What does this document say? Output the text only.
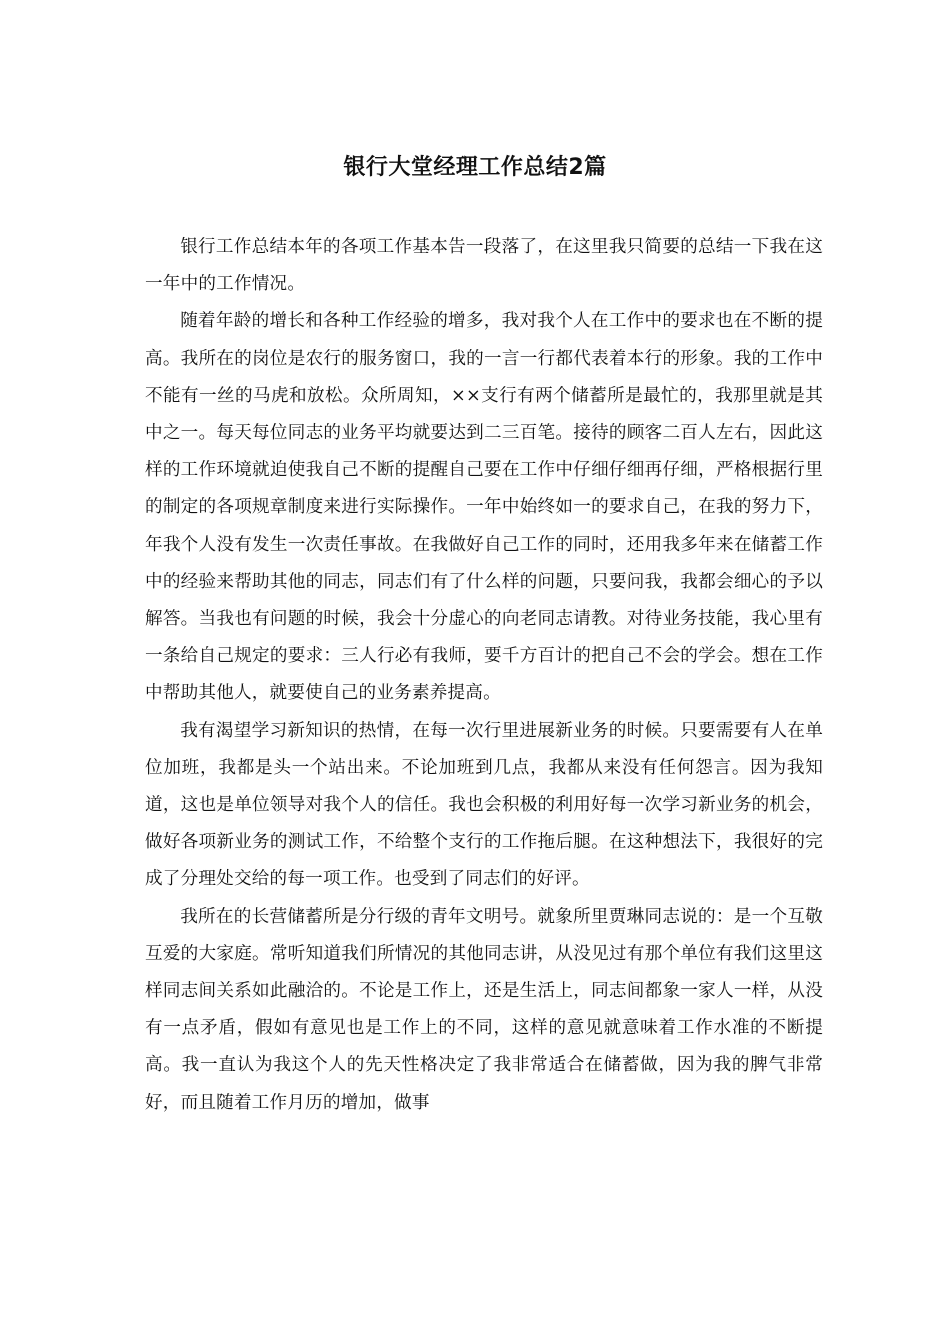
银行大堂经理工作总结2篇

银行工作总结本年的各项工作基本告一段落了，在这里我只简要的总结一下我在这一年中的工作情况。

随着年龄的增长和各种工作经验的增多，我对我个人在工作中的要求也在不断的提高。我所在的岗位是农行的服务窗口，我的一言一行都代表着本行的形象。我的工作中不能有一丝的马虎和放松。众所周知，××支行有两个储蓄所是最忙的，我那里就是其中之一。每天每位同志的业务平均就要达到二三百笔。接待的顾客二百人左右，因此这样的工作环境就迫使我自己不断的提醒自己要在工作中仔细仔细再仔细，严格根据行里的制定的各项规章制度来进行实际操作。一年中始终如一的要求自己，在我的努力下，年我个人没有发生一次责任事故。在我做好自己工作的同时，还用我多年来在储蓄工作中的经验来帮助其他的同志，同志们有了什么样的问题，只要问我，我都会细心的予以解答。当我也有问题的时候，我会十分虚心的向老同志请教。对待业务技能，我心里有一条给自己规定的要求：三人行必有我师，要千方百计的把自己不会的学会。想在工作中帮助其他人，就要使自己的业务素养提高。

我有渴望学习新知识的热情，在每一次行里进展新业务的时候。只要需要有人在单位加班，我都是头一个站出来。不论加班到几点，我都从来没有任何怨言。因为我知道，这也是单位领导对我个人的信任。我也会积极的利用好每一次学习新业务的机会，做好各项新业务的测试工作，不给整个支行的工作拖后腿。在这种想法下，我很好的完成了分理处交给的每一项工作。也受到了同志们的好评。

我所在的长营储蓄所是分行级的青年文明号。就象所里贾琳同志说的：是一个互敬互爱的大家庭。常听知道我们所情况的其他同志讲，从没见过有那个单位有我们这里这样同志间关系如此融洽的。不论是工作上，还是生活上，同志间都象一家人一样，从没有一点矛盾，假如有意见也是工作上的不同，这样的意见就意味着工作水准的不断提高。我一直认为我这个人的先天性格决定了我非常适合在储蓄做，因为我的脾气非常好，而且随着工作月历的增加，做事
